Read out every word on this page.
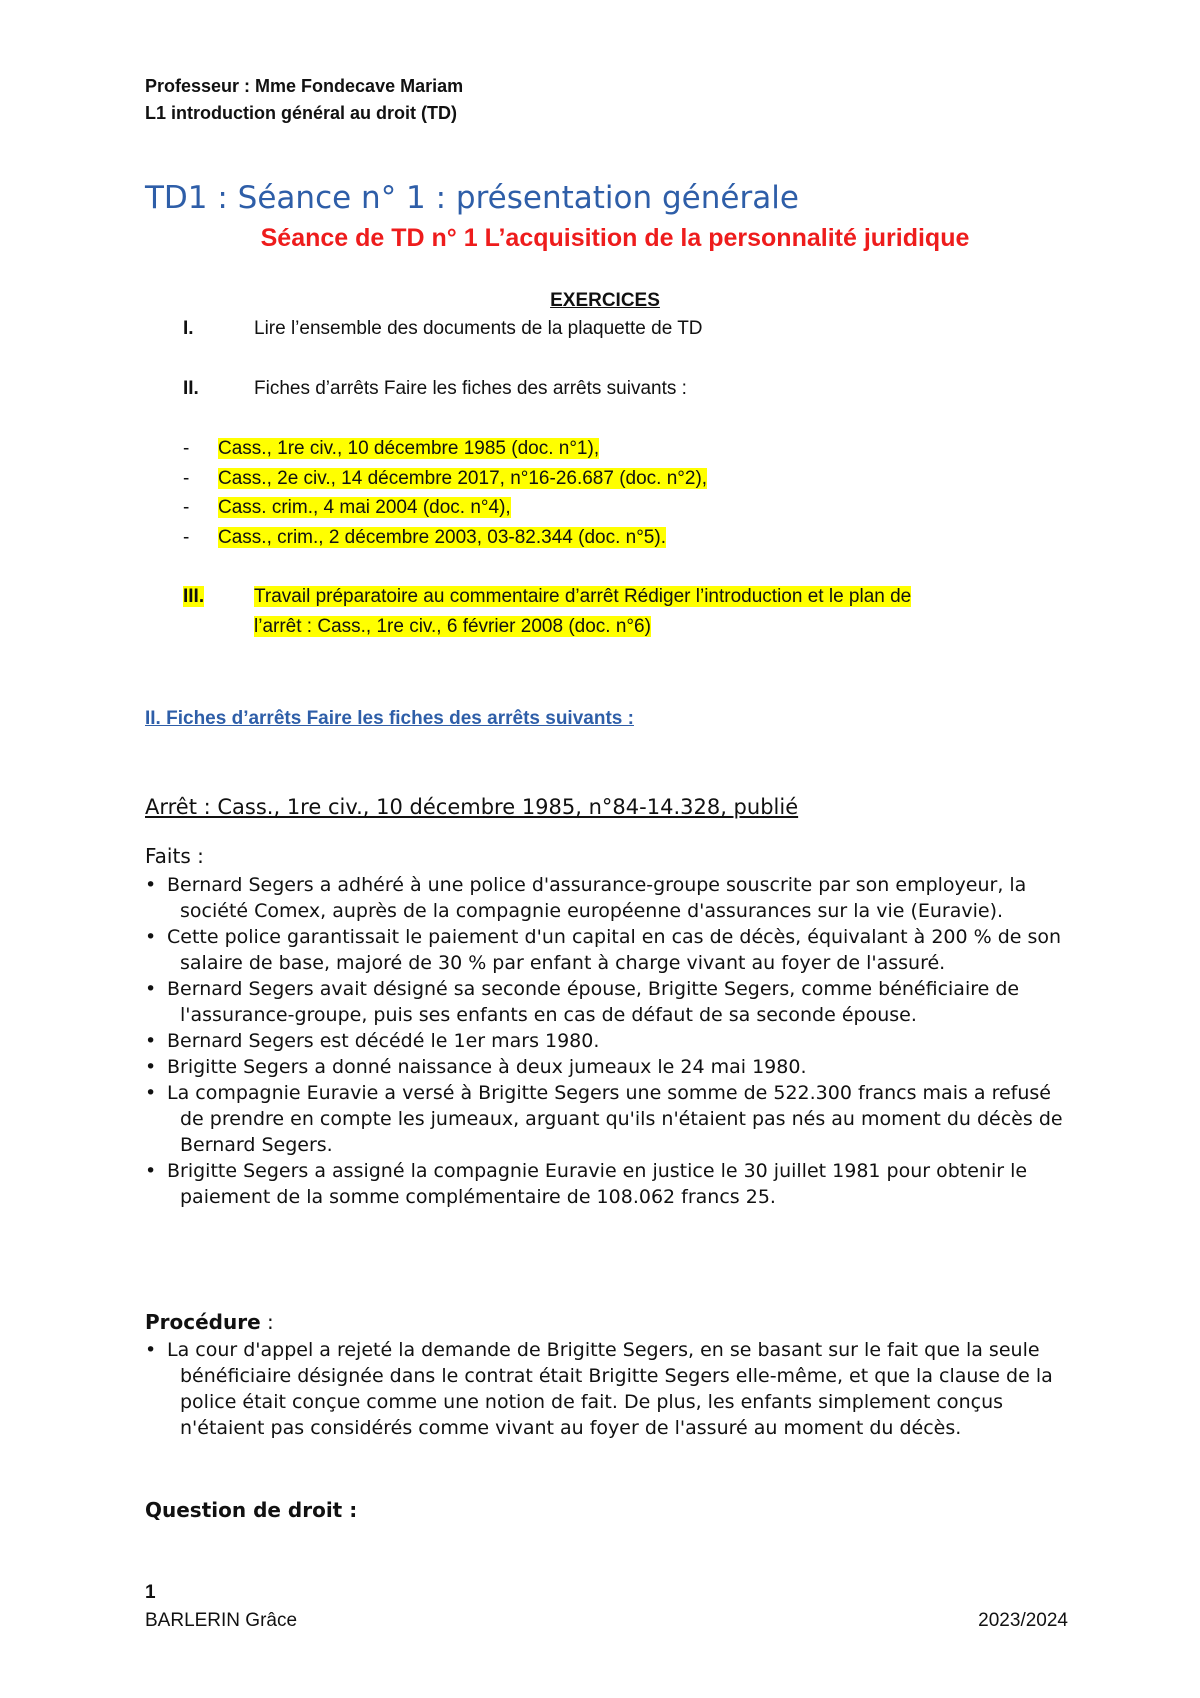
Professeur : Mme Fondecave Mariam
L1 introduction général au droit (TD)
TD1 : Séance n° 1 : présentation générale
Séance de TD n° 1 L’acquisition de la personnalité juridique
EXERCICES
I.	Lire l’ensemble des documents de la plaquette de TD
II.	Fiches d’arrêts Faire les fiches des arrêts suivants :
- Cass., 1re civ., 10 décembre 1985 (doc. n°1),
- Cass., 2e civ., 14 décembre 2017, n°16-26.687 (doc. n°2),
- Cass. crim., 4 mai 2004 (doc. n°4),
- Cass., crim., 2 décembre 2003, 03-82.344 (doc. n°5).
III.	Travail préparatoire au commentaire d’arrêt Rédiger l’introduction et le plan de
l’arrêt : Cass., 1re civ., 6 février 2008 (doc. n°6)
II. Fiches d’arrêts Faire les fiches des arrêts suivants :
Arrêt : Cass., 1re civ., 10 décembre 1985, n°84-14.328, publié
Faits :
• Bernard Segers a adhéré à une police d'assurance-groupe souscrite par son employeur, la société Comex, auprès de la compagnie européenne d'assurances sur la vie (Euravie).
• Cette police garantissait le paiement d'un capital en cas de décès, équivalant à 200 % de son salaire de base, majoré de 30 % par enfant à charge vivant au foyer de l'assuré.
• Bernard Segers avait désigné sa seconde épouse, Brigitte Segers, comme bénéficiaire de l'assurance-groupe, puis ses enfants en cas de défaut de sa seconde épouse.
• Bernard Segers est décédé le 1er mars 1980.
• Brigitte Segers a donné naissance à deux jumeaux le 24 mai 1980.
• La compagnie Euravie a versé à Brigitte Segers une somme de 522.300 francs mais a refusé de prendre en compte les jumeaux, arguant qu'ils n'étaient pas nés au moment du décès de Bernard Segers.
• Brigitte Segers a assigné la compagnie Euravie en justice le 30 juillet 1981 pour obtenir le paiement de la somme complémentaire de 108.062 francs 25.
Procédure :
• La cour d'appel a rejeté la demande de Brigitte Segers, en se basant sur le fait que la seule bénéficiaire désignée dans le contrat était Brigitte Segers elle-même, et que la clause de la police était conçue comme une notion de fait. De plus, les enfants simplement conçus n'étaient pas considérés comme vivant au foyer de l'assuré au moment du décès.
Question de droit :
1
BARLERIN Grâce	2023/2024
